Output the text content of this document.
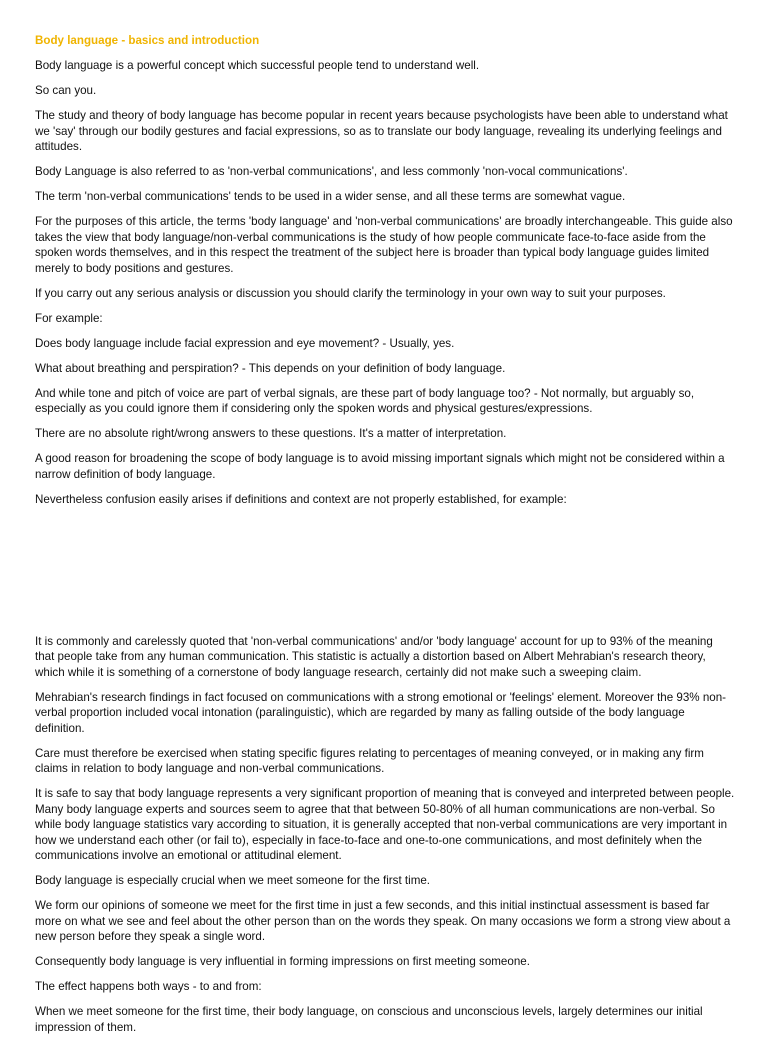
Body language - basics and introduction

Body language is a powerful concept which successful people tend to understand well.

So can you.

The study and theory of body language has become popular in recent years because psychologists have been able to understand what we 'say' through our bodily gestures and facial expressions, so as to translate our body language, revealing its underlying feelings and attitudes.

Body Language is also referred to as 'non-verbal communications', and less commonly 'non-vocal communications'.

The term 'non-verbal communications' tends to be used in a wider sense, and all these terms are somewhat vague.

For the purposes of this article, the terms 'body language' and 'non-verbal communications' are broadly interchangeable. This guide also takes the view that body language/non-verbal communications is the study of how people communicate face-to-face aside from the spoken words themselves, and in this respect the treatment of the subject here is broader than typical body language guides limited merely to body positions and gestures.

If you carry out any serious analysis or discussion you should clarify the terminology in your own way to suit your purposes.

For example:

Does body language include facial expression and eye movement? - Usually, yes.

What about breathing and perspiration? - This depends on your definition of body language.

And while tone and pitch of voice are part of verbal signals, are these part of body language too? - Not normally, but arguably so, especially as you could ignore them if considering only the spoken words and physical gestures/expressions.

There are no absolute right/wrong answers to these questions. It's a matter of interpretation.

A good reason for broadening the scope of body language is to avoid missing important signals which might not be considered within a narrow definition of body language.

Nevertheless confusion easily arises if definitions and context are not properly established, for example:

It is commonly and carelessly quoted that 'non-verbal communications' and/or 'body language' account for up to 93% of the meaning that people take from any human communication. This statistic is actually a distortion based on Albert Mehrabian's research theory, which while it is something of a cornerstone of body language research, certainly did not make such a sweeping claim.

Mehrabian's research findings in fact focused on communications with a strong emotional or 'feelings' element. Moreover the 93% non-verbal proportion included vocal intonation (paralinguistic), which are regarded by many as falling outside of the body language definition.

Care must therefore be exercised when stating specific figures relating to percentages of meaning conveyed, or in making any firm claims in relation to body language and non-verbal communications.

It is safe to say that body language represents a very significant proportion of meaning that is conveyed and interpreted between people. Many body language experts and sources seem to agree that that between 50-80% of all human communications are non-verbal. So while body language statistics vary according to situation, it is generally accepted that non-verbal communications are very important in how we understand each other (or fail to), especially in face-to-face and one-to-one communications, and most definitely when the communications involve an emotional or attitudinal element.

Body language is especially crucial when we meet someone for the first time.

We form our opinions of someone we meet for the first time in just a few seconds, and this initial instinctual assessment is based far more on what we see and feel about the other person than on the words they speak. On many occasions we form a strong view about a new person before they speak a single word.

Consequently body language is very influential in forming impressions on first meeting someone.

The effect happens both ways - to and from:

When we meet someone for the first time, their body language, on conscious and unconscious levels, largely determines our initial impression of them.
